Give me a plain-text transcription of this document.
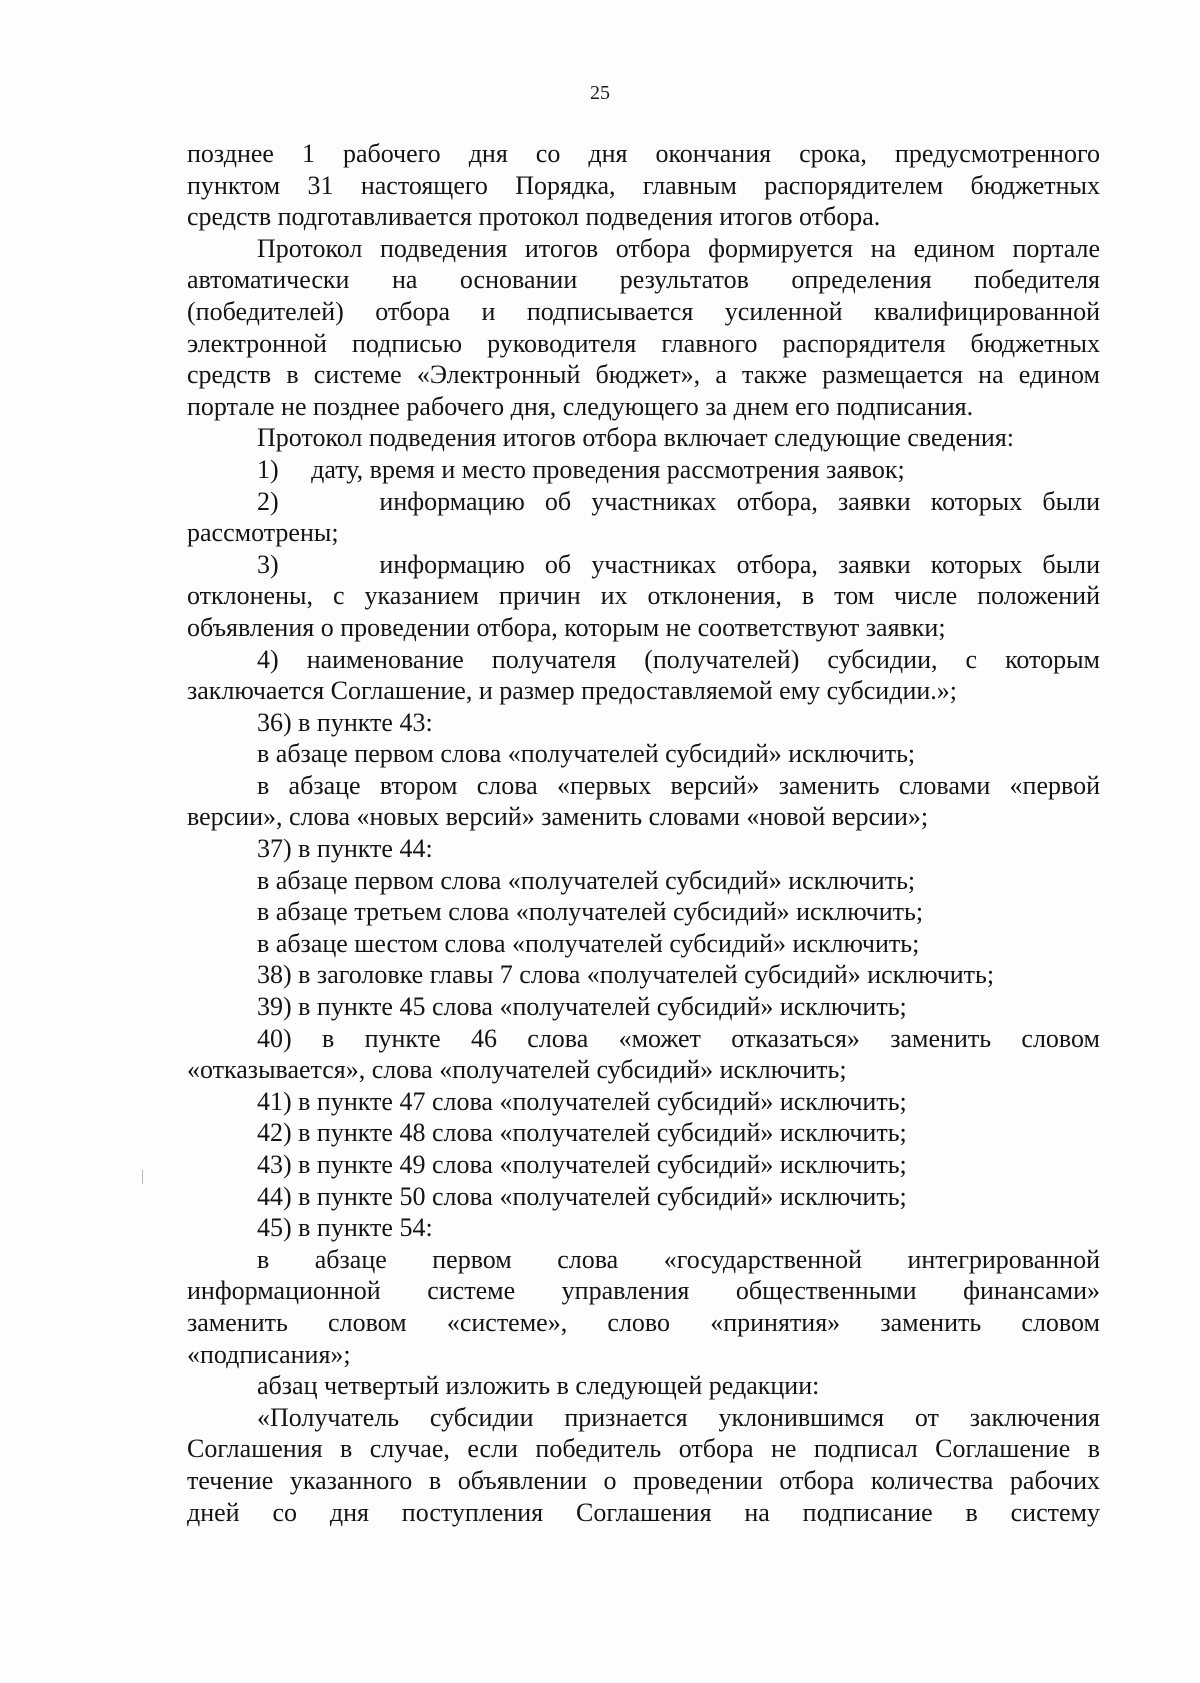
25

позднее 1 рабочего дня со дня окончания срока, предусмотренного
пунктом 31 настоящего Порядка, главным распорядителем бюджетных
средств подготавливается протокол подведения итогов отбора.

Протокол подведения итогов отбора формируется на едином портале
автоматически на основании результатов определения победителя
(победителей) отбора и подписывается усиленной квалифицированной
электронной подписью руководителя главного распорядителя бюджетных
средств в системе «Электронный бюджет», а также размещается на едином
портале не позднее рабочего дня, следующего за днем его подписания.

Протокол подведения итогов отбора включает следующие сведения:

1)     дату, время и место проведения рассмотрения заявок;

2)     информацию об участниках отбора, заявки которых были
рассмотрены;

3)     информацию об участниках отбора, заявки которых были
отклонены, с указанием причин их отклонения, в том числе положений
объявления о проведении отбора, которым не соответствуют заявки;

4) наименование получателя (получателей) субсидии, с которым
заключается Соглашение, и размер предоставляемой ему субсидии.»;

36) в пункте 43:

в абзаце первом слова «получателей субсидий» исключить;

в абзаце втором слова «первых версий» заменить словами «первой
версии», слова «новых версий» заменить словами «новой версии»;

37) в пункте 44:

в абзаце первом слова «получателей субсидий» исключить;

в абзаце третьем слова «получателей субсидий» исключить;

в абзаце шестом слова «получателей субсидий» исключить;

38) в заголовке главы 7 слова «получателей субсидий» исключить;

39) в пункте 45 слова «получателей субсидий» исключить;

40) в пункте 46 слова «может отказаться» заменить словом
«отказывается», слова «получателей субсидий» исключить;

41) в пункте 47 слова «получателей субсидий» исключить;

42) в пункте 48 слова «получателей субсидий» исключить;

43) в пункте 49 слова «получателей субсидий» исключить;

44) в пункте 50 слова «получателей субсидий» исключить;

45) в пункте 54:

в абзаце первом слова «государственной интегрированной
информационной системе управления общественными финансами»
заменить словом «системе», слово «принятия» заменить словом
«подписания»;

абзац четвертый изложить в следующей редакции:

«Получатель субсидии признается уклонившимся от заключения
Соглашения в случае, если победитель отбора не подписал Соглашение в
течение указанного в объявлении о проведении отбора количества рабочих
дней со дня поступления Соглашения на подписание в систему
